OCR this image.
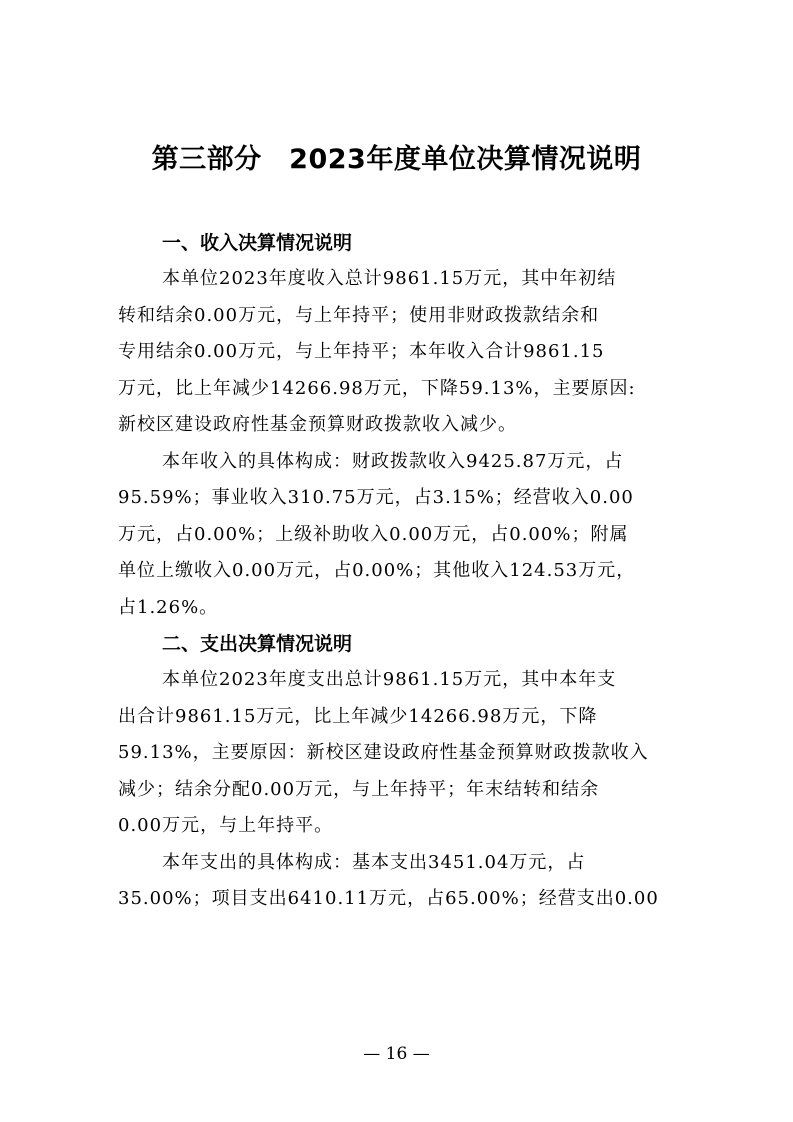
第三部分　2023年度单位决算情况说明
一、收入决算情况说明
本单位2023年度收入总计9861.15万元，其中年初结
转和结余0.00万元，与上年持平；使用非财政拨款结余和
专用结余0.00万元，与上年持平；本年收入合计9861.15
万元，比上年减少14266.98万元，下降59.13%，主要原因:
新校区建设政府性基金预算财政拨款收入减少。
本年收入的具体构成：财政拨款收入9425.87万元，占
95.59%；事业收入310.75万元，占3.15%；经营收入0.00
万元，占0.00%；上级补助收入0.00万元，占0.00%；附属
单位上缴收入0.00万元，占0.00%；其他收入124.53万元，
占1.26%。
二、支出决算情况说明
本单位2023年度支出总计9861.15万元，其中本年支
出合计9861.15万元，比上年减少14266.98万元，下降
59.13%，主要原因：新校区建设政府性基金预算财政拨款收入
减少；结余分配0.00万元，与上年持平；年末结转和结余
0.00万元，与上年持平。
本年支出的具体构成：基本支出3451.04万元，占
35.00%；项目支出6410.11万元，占65.00%；经营支出0.00
— 16 —
